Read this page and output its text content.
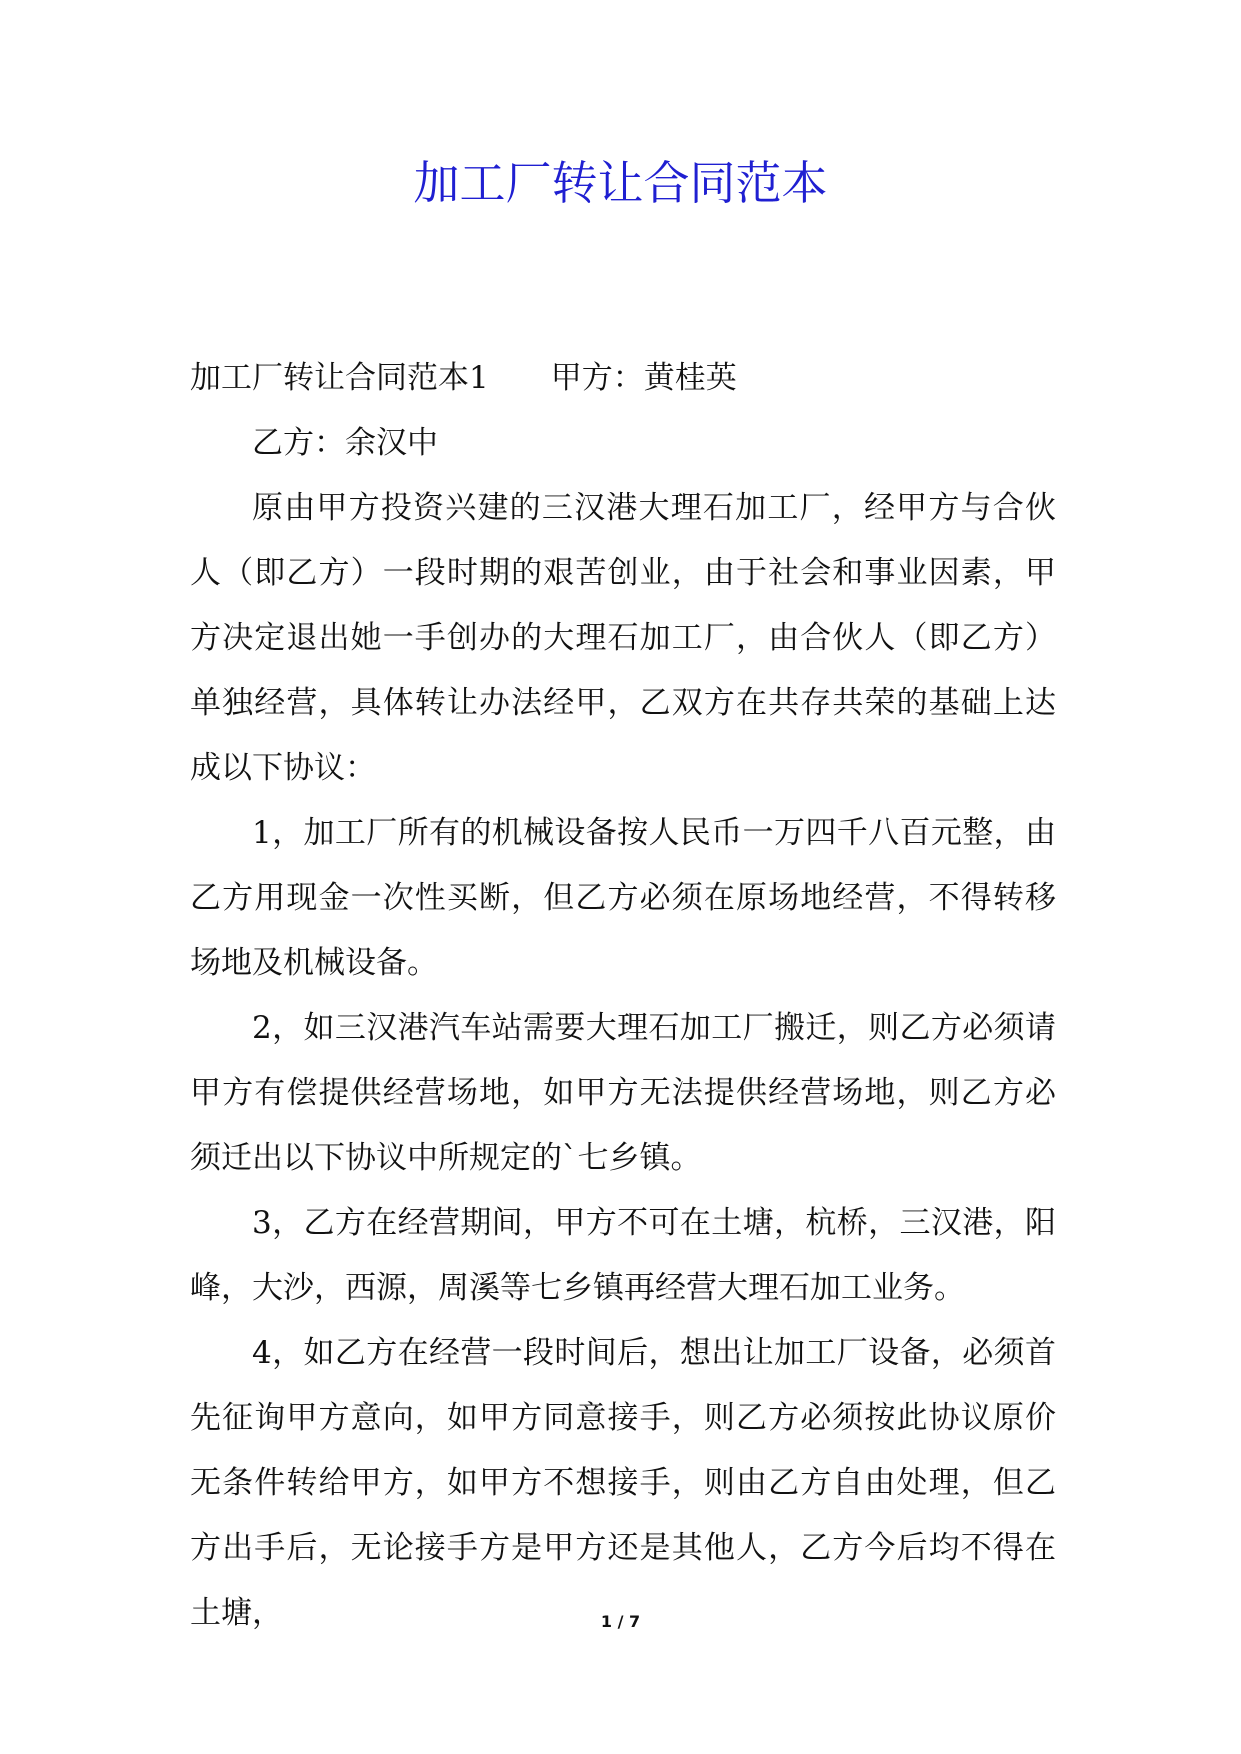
加工厂转让合同范本

加工厂转让合同范本1 甲方：黄桂英

乙方：余汉中

原由甲方投资兴建的三汉港大理石加工厂，经甲方与合伙人（即乙方）一段时期的艰苦创业，由于社会和事业因素，甲方决定退出她一手创办的大理石加工厂，由合伙人（即乙方）单独经营，具体转让办法经甲，乙双方在共存共荣的基础上达成以下协议：

1，加工厂所有的机械设备按人民币一万四千八百元整，由乙方用现金一次性买断，但乙方必须在原场地经营，不得转移场地及机械设备。

2，如三汉港汽车站需要大理石加工厂搬迁，则乙方必须请甲方有偿提供经营场地，如甲方无法提供经营场地，则乙方必须迁出以下协议中所规定的`七乡镇。

3，乙方在经营期间，甲方不可在土塘，杭桥，三汉港，阳峰，大沙，西源，周溪等七乡镇再经营大理石加工业务。

4，如乙方在经营一段时间后，想出让加工厂设备，必须首先征询甲方意向，如甲方同意接手，则乙方必须按此协议原价无条件转给甲方，如甲方不想接手，则由乙方自由处理，但乙方出手后，无论接手方是甲方还是其他人，乙方今后均不得在土塘，	1 / 7
